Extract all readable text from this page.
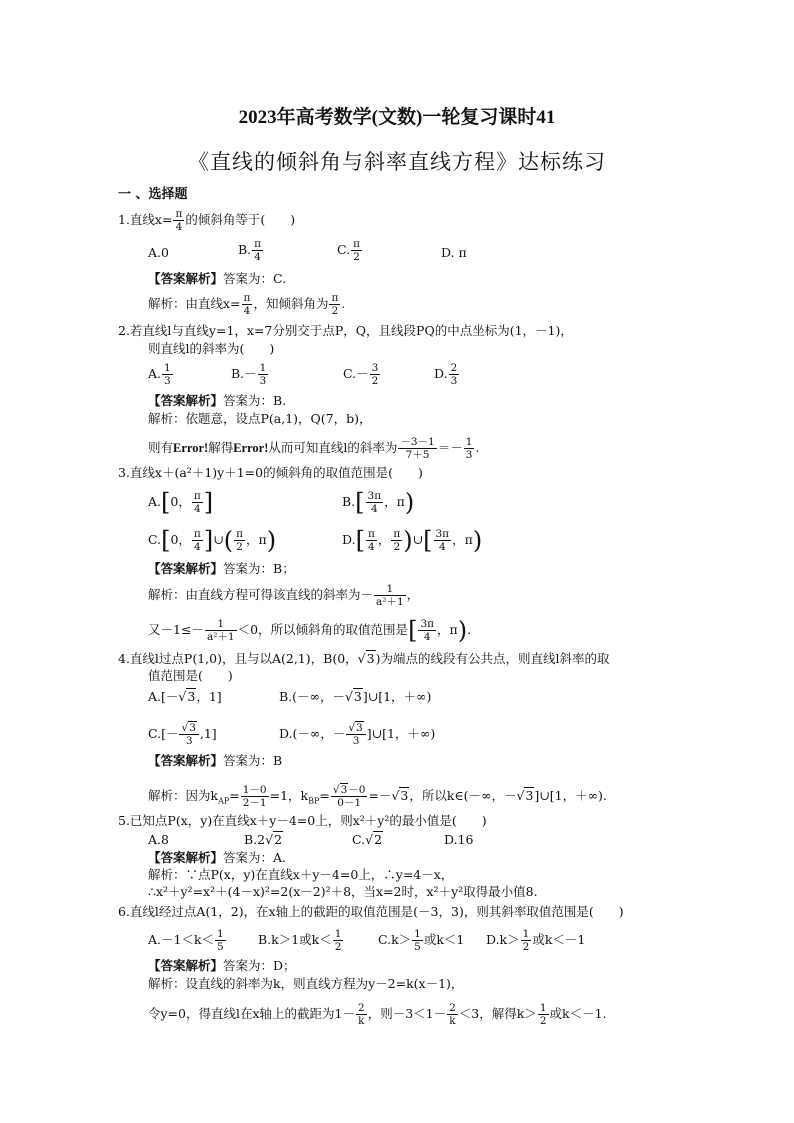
2023年高考数学(文数)一轮复习课时41
《直线的倾斜角与斜率直线方程》达标练习
一 、选择题
1.直线$x= \frac{\pi}{4}$ 的倾斜角等于(　　)
A.0	B. $\frac{\pi}{4}$	C. $\frac{\pi}{2}$	D. π
【答案解析】答案为：C.
解析：由直线$x= \frac{\pi}{4}$ ，知倾斜角为 $\frac{\pi}{2}$ .
2.若直线l与直线y=1，x=7分别交于点P，Q，且线段PQ的中点坐标为(1，－1)，
则直线l的斜率为(　　)
A. $\frac{1}{3}$	$B.- \frac{1}{3}$	$C.- \frac{3}{2}$	D. $\frac{2}{3}$
【答案解析】答案为：B.
解析：依题意，设点P(a,1)，Q(7，b)，
则有Error!解得Error!从而可知直线l的斜率为 $\frac{-3-1}{7+5} =- \frac{1}{3}$ .
3.直线x＋(a²＋1)y＋1=0的倾斜角的取值范围是(　　)
A.[0， $\frac{\pi}{4}$ ]	$B.[ \frac{3\pi}{4}$ ，π)
C.[0， $\frac{\pi}{4}$ ]∪( $\frac{\pi}{2}$ ，π)	$D.[ \frac{\pi}{4}$ ， $\frac{\pi}{2}$ )∪[ $\frac{3\pi}{4}$ ，π)
【答案解析】答案为：B；
解析：由直线方程可得该直线的斜率为－ $\frac{1}{\text{a²＋1}}$ ，
又$-1\le- \frac{1}{\text{a²＋1}} <0$，所以倾斜角的取值范围是[ $\frac{3\pi}{4}$ ，π).
4.直线l过点P(1,0)，且与以A(2,1)，B(0，√3)为端点的线段有公共点，则直线l斜率的取
值范围是(　　)
A.[－√3，1]	B.(－∞，－√3]∪[1，＋∞)
$C.[- \frac{√3}{3} ,1]$	D.(－∞，－ $\frac{√3}{3}$ ]∪[1，＋∞)
【答案解析】答案为：B
解析：因为$k_{AP}= \frac{1-0}{2-1} =1$，$k_{BP}= \frac{√3-0}{0-1} =-√3$，所以k∈(－∞，－√3]∪[1，＋∞).
5.已知点P(x，y)在直线x＋y－4=0上，则x²＋y²的最小值是(　　)
A.8	B.2√2	C.√2	D.16
【答案解析】答案为：A.
解析：∵点P(x，y)在直线x＋y－4=0上，∴y=4－x，
∴x²＋y²=x²＋(4－x)²=2(x－2)²＋8，当x=2时，x²＋y²取得最小值8.
6.直线l经过点A(1，2)，在x轴上的截距的取值范围是(－3，3)，则其斜率取值范围是(　　)
$A.-1<k< \frac{1}{5}$	B.k＞1或$k< \frac{1}{2}$	$C.k> \frac{1}{5}$ 或k＜1 $D.k> \frac{1}{2}$ 或k＜－1
【答案解析】答案为：D；
解析：设直线的斜率为k，则直线方程为y－2=k(x－1)，
令y=0，得直线l在x轴上的截距为$1- \frac{2}{k}$ ，则$-3<1- \frac{2}{k} <3$，解得$k> \frac{1}{2}$ 或k＜－1.
